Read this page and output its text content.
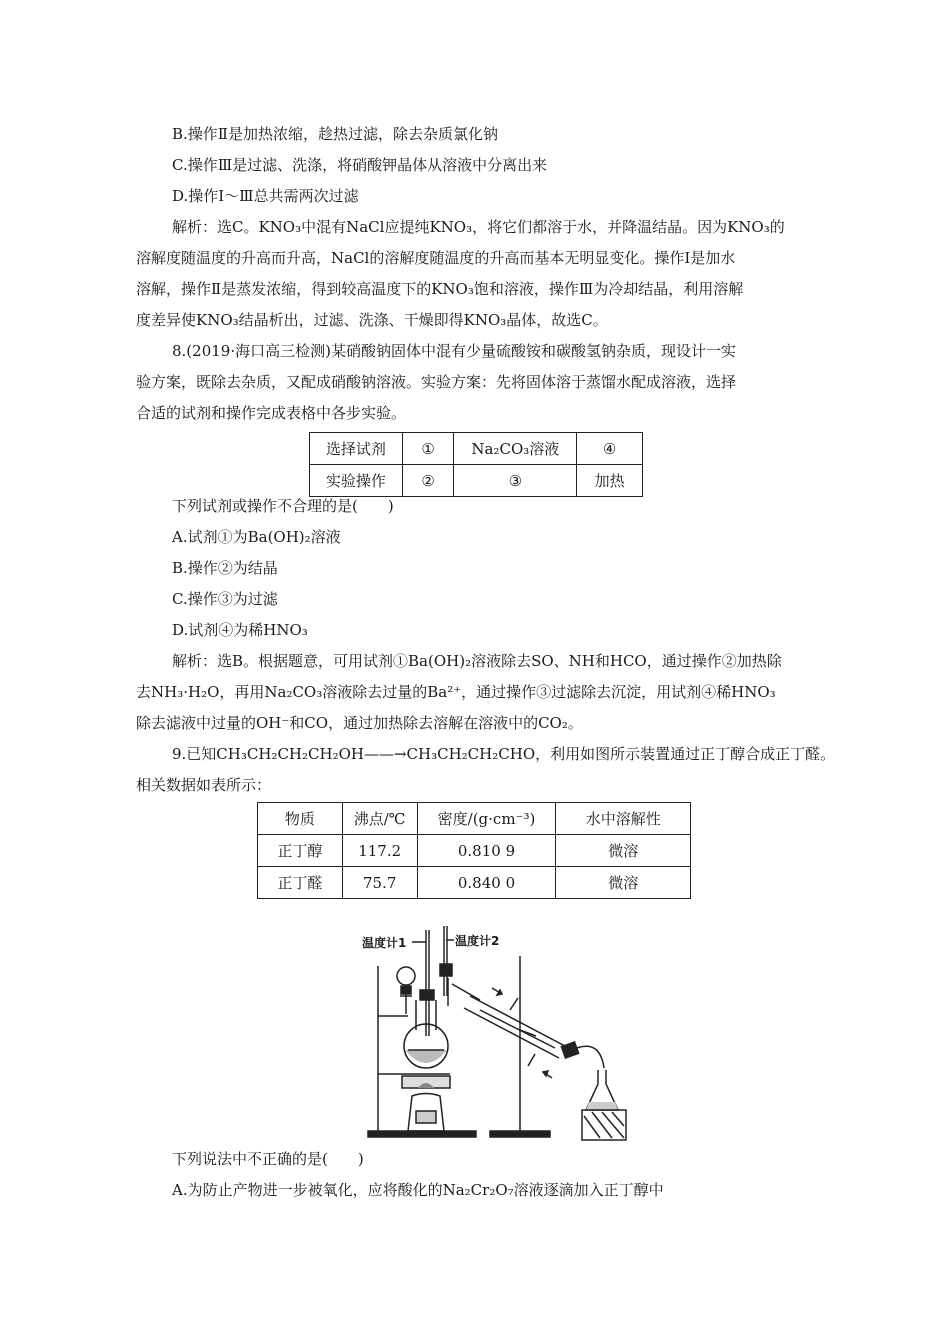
B.操作Ⅱ是加热浓缩，趁热过滤，除去杂质氯化钠
C.操作Ⅲ是过滤、洗涤，将硝酸钾晶体从溶液中分离出来
D.操作Ⅰ～Ⅲ总共需两次过滤
解析：选C。KNO₃中混有NaCl应提纯KNO₃，将它们都溶于水，并降温结晶。因为KNO₃的
溶解度随温度的升高而升高，NaCl的溶解度随温度的升高而基本无明显变化。操作Ⅰ是加水
溶解，操作Ⅱ是蒸发浓缩，得到较高温度下的KNO₃饱和溶液，操作Ⅲ为冷却结晶，利用溶解
度差异使KNO₃结晶析出，过滤、洗涤、干燥即得KNO₃晶体，故选C。
8.(2019·海口高三检测)某硝酸钠固体中混有少量硫酸铵和碳酸氢钠杂质，现设计一实
验方案，既除去杂质，又配成硝酸钠溶液。实验方案：先将固体溶于蒸馏水配成溶液，选择
合适的试剂和操作完成表格中各步实验。
选择试剂	①	Na₂CO₃溶液	④
实验操作	②	③	加热
下列试剂或操作不合理的是(　　)
A.试剂①为Ba(OH)₂溶液
B.操作②为结晶
C.操作③为过滤
D.试剂④为稀HNO₃
解析：选B。根据题意，可用试剂①Ba(OH)₂溶液除去SO、NH和HCO，通过操作②加热除
去NH₃·H₂O，再用Na₂CO₃溶液除去过量的Ba²⁺，通过操作③过滤除去沉淀，用试剂④稀HNO₃
除去滤液中过量的OH⁻和CO，通过加热除去溶解在溶液中的CO₂。
9.已知CH₃CH₂CH₂CH₂OH——→CH₃CH₂CH₂CHO，利用如图所示装置通过正丁醇合成正丁醛。
相关数据如表所示：
物质	沸点/℃	密度/(g·cm⁻³)	水中溶解性
正丁醇	117.2	0.810 9	微溶
正丁醛	75.7	0.840 0	微溶
温度计1	温度计2
下列说法中不正确的是(　　)
A.为防止产物进一步被氧化，应将酸化的Na₂Cr₂O₇溶液逐滴加入正丁醇中
